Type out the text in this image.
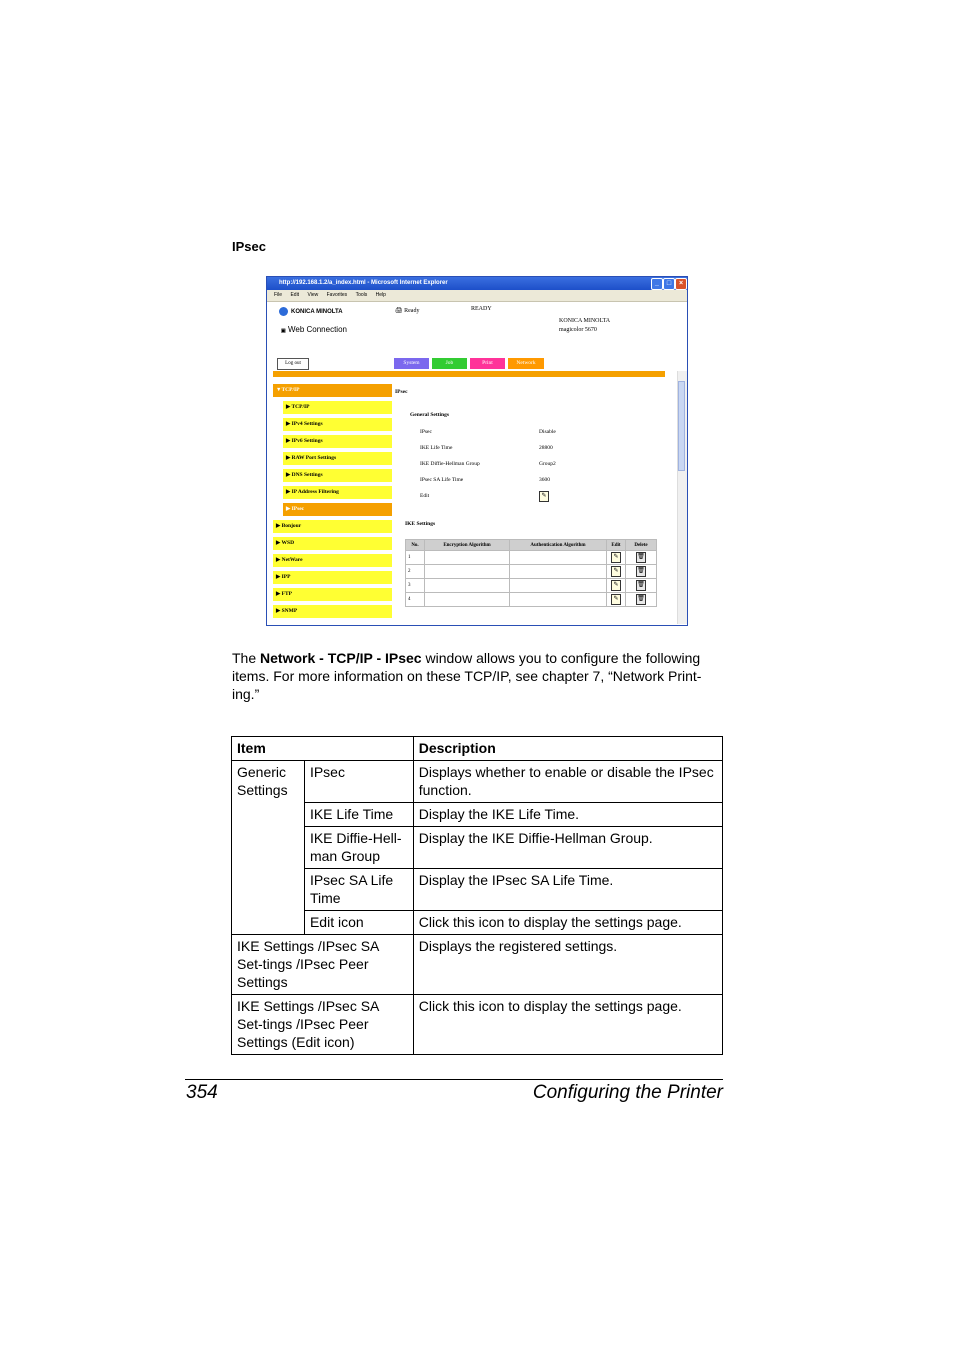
IPsec
http://192.168.1.2/a_index.html - Microsoft Internet Explorer	_	□	×
File Edit View Favorites Tools Help
KONICA MINOLTA
▣ Web Connection
🖨 Ready	READY
KONICA MINOLTA
magicolor 5670
Log out	System	Job	Print	Network
▼TCP/IP
▶ TCP/IP
▶ IPv4 Settings
▶ IPv6 Settings
▶ RAW Port Settings
▶ DNS Settings
▶ IP Address Filtering
▶ IPsec
▶ Bonjour
▶ WSD
▶ NetWare
▶ IPP
▶ FTP
▶ SNMP
IPsec
General Settings
IPsec	Disable
IKE Life Time	28800
IKE Diffie-Hellman Group	Group2
IPsec SA Life Time	3600
Edit	✎
IKE Settings
No.	Encryption Algorithm	Authentication Algorithm	Edit	Delete
1			✎	🗑
2			✎	🗑
3			✎	🗑
4			✎	🗑
The Network - TCP/IP - IPsec window allows you to configure the following items. For more information on these TCP/IP, see chapter 7, “Network Print-ing.”
Item		Description
Generic Settings	IPsec	Displays whether to enable or disable the IPsec function.
	IKE Life Time	Display the IKE Life Time.
	IKE Diffie-Hell-man Group	Display the IKE Diffie-Hellman Group.
	IPsec SA Life Time	Display the IPsec SA Life Time.
	Edit icon	Click this icon to display the settings page.
IKE Settings /IPsec SA Set-tings /IPsec Peer Settings		Displays the registered settings.
IKE Settings /IPsec SA Set-tings /IPsec Peer Settings (Edit icon)		Click this icon to display the settings page.
354	Configuring the Printer
